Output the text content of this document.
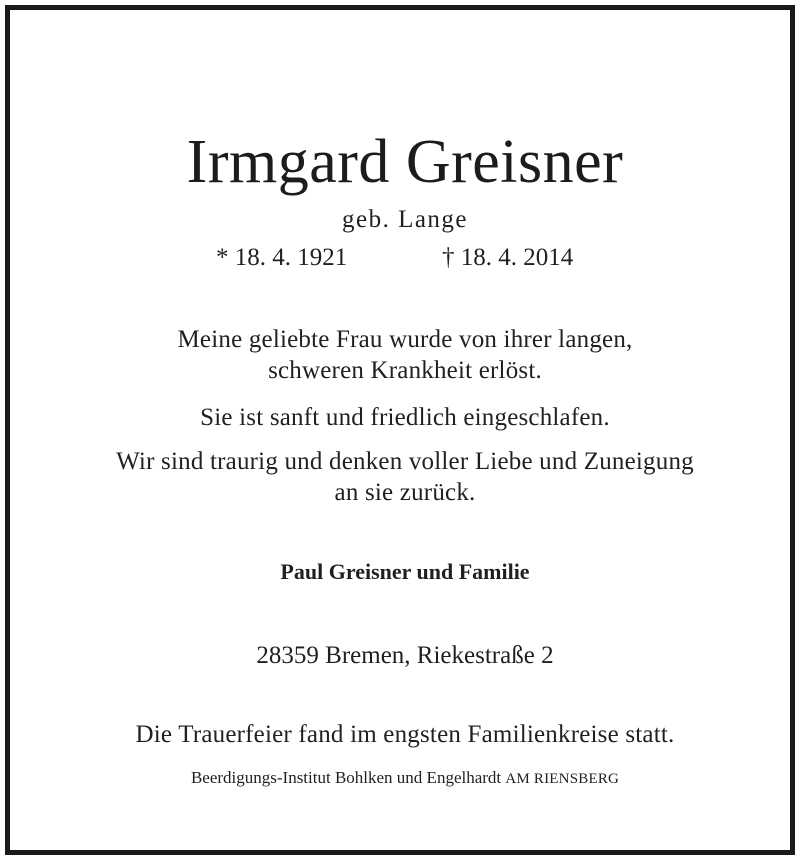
Irmgard Greisner
geb. Lange
* 18. 4. 1921	† 18. 4. 2014
Meine geliebte Frau wurde von ihrer langen,
schweren Krankheit erlöst.
Sie ist sanft und friedlich eingeschlafen.
Wir sind traurig und denken voller Liebe und Zuneigung
an sie zurück.
Paul Greisner und Familie
28359 Bremen, Riekestraße 2
Die Trauerfeier fand im engsten Familienkreise statt.
Beerdigungs-Institut Bohlken und Engelhardt AM RIENSBERG
